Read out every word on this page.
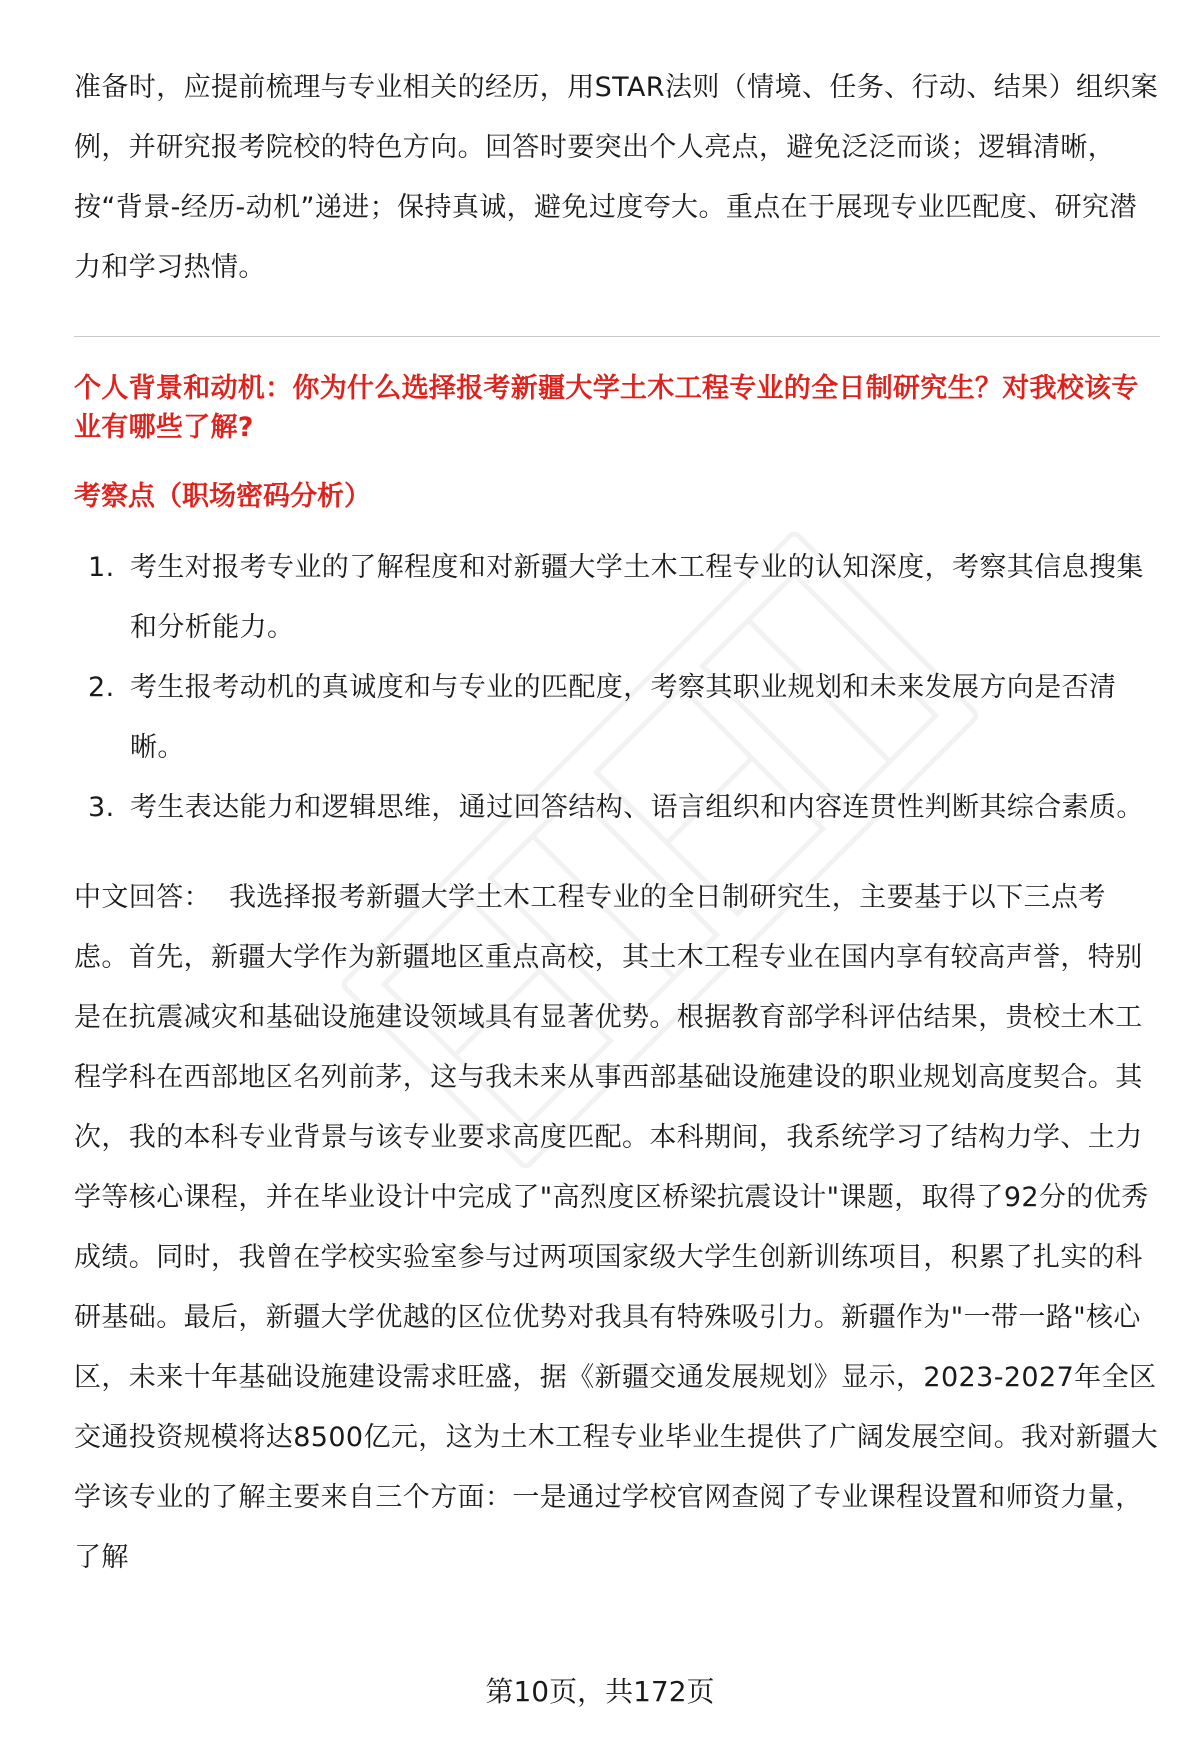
准备时，应提前梳理与专业相关的经历，用STAR法则（情境、任务、行动、结果）组织案例，并研究报考院校的特色方向。回答时要突出个人亮点，避免泛泛而谈；逻辑清晰，按“背景-经历-动机”递进；保持真诚，避免过度夸大。重点在于展现专业匹配度、研究潜力和学习热情。

个人背景和动机：你为什么选择报考新疆大学土木工程专业的全日制研究生？对我校该专业有哪些了解?

考察点（职场密码分析）

1. 考生对报考专业的了解程度和对新疆大学土木工程专业的认知深度，考察其信息搜集和分析能力。
2. 考生报考动机的真诚度和与专业的匹配度，考察其职业规划和未来发展方向是否清晰。
3. 考生表达能力和逻辑思维，通过回答结构、语言组织和内容连贯性判断其综合素质。

中文回答： 我选择报考新疆大学土木工程专业的全日制研究生，主要基于以下三点考虑。首先，新疆大学作为新疆地区重点高校，其土木工程专业在国内享有较高声誉，特别是在抗震减灾和基础设施建设领域具有显著优势。根据教育部学科评估结果，贵校土木工程学科在西部地区名列前茅，这与我未来从事西部基础设施建设的职业规划高度契合。其次，我的本科专业背景与该专业要求高度匹配。本科期间，我系统学习了结构力学、土力学等核心课程，并在毕业设计中完成了"高烈度区桥梁抗震设计"课题，取得了92分的优秀成绩。同时，我曾在学校实验室参与过两项国家级大学生创新训练项目，积累了扎实的科研基础。最后，新疆大学优越的区位优势对我具有特殊吸引力。新疆作为"一带一路"核心区，未来十年基础设施建设需求旺盛，据《新疆交通发展规划》显示，2023-2027年全区交通投资规模将达8500亿元，这为土木工程专业毕业生提供了广阔发展空间。我对新疆大学该专业的了解主要来自三个方面：一是通过学校官网查阅了专业课程设置和师资力量，了解

第10页，共172页
